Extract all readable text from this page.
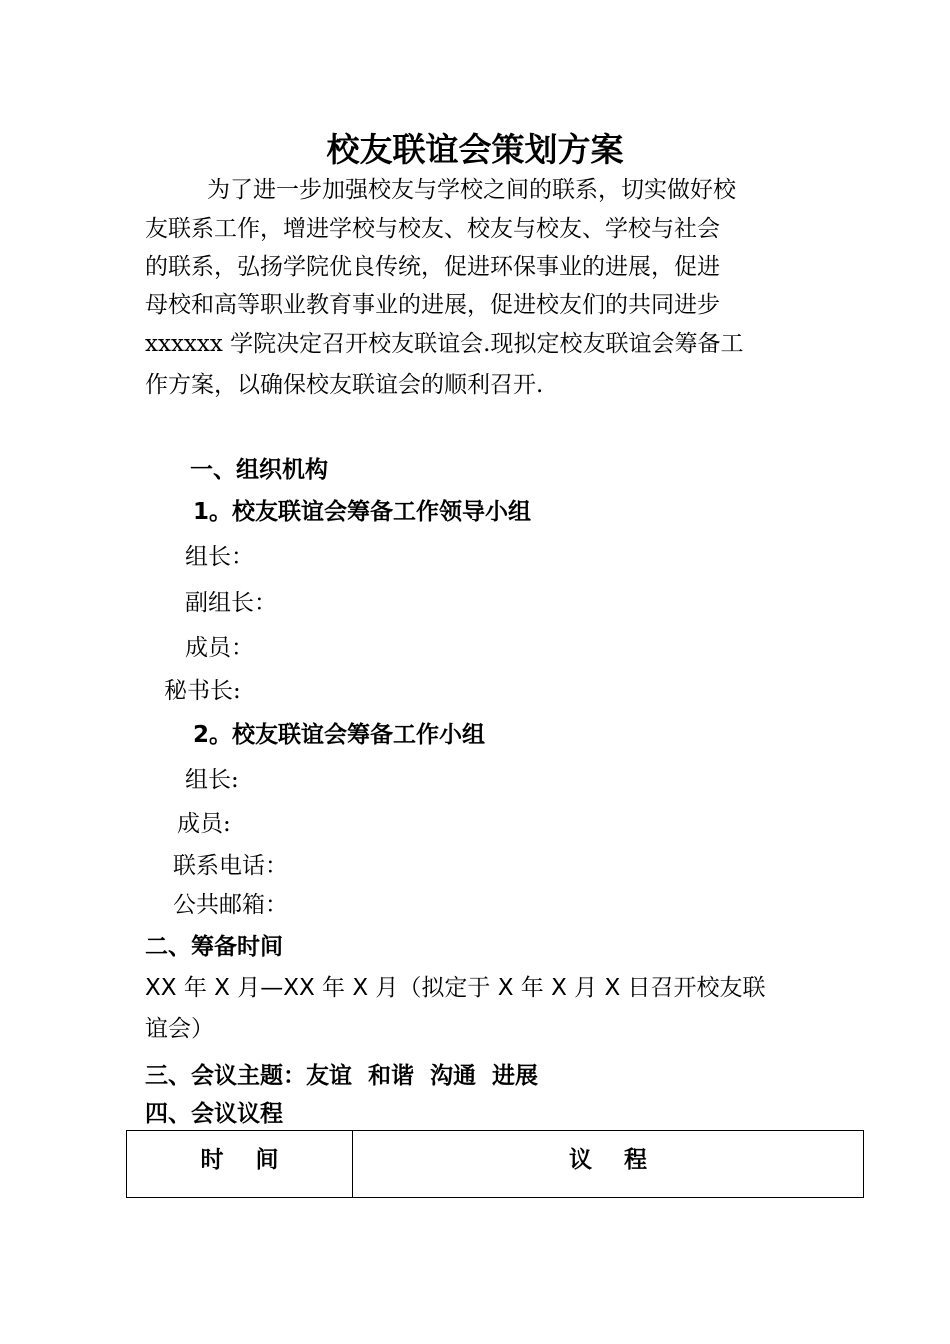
校友联谊会策划方案
为了进一步加强校友与学校之间的联系，切实做好校
友联系工作，增进学校与校友、校友与校友、学校与社会
的联系，弘扬学院优良传统，促进环保事业的进展，促进
母校和高等职业教育事业的进展，促进校友们的共同进步
xxxxxx 学院决定召开校友联谊会.现拟定校友联谊会筹备工
作方案，以确保校友联谊会的顺利召开.
一、组织机构
1。校友联谊会筹备工作领导小组
组长：
副组长：
成员：
秘书长:
2。校友联谊会筹备工作小组
组长:
成员:
联系电话：
公共邮箱：
二、筹备时间
XX 年 X 月—XX 年 X 月（拟定于 X 年 X 月 X 日召开校友联
谊会）
三、会议主题：友谊  和谐  沟通  进展
四、会议议程
时    间	议    程
